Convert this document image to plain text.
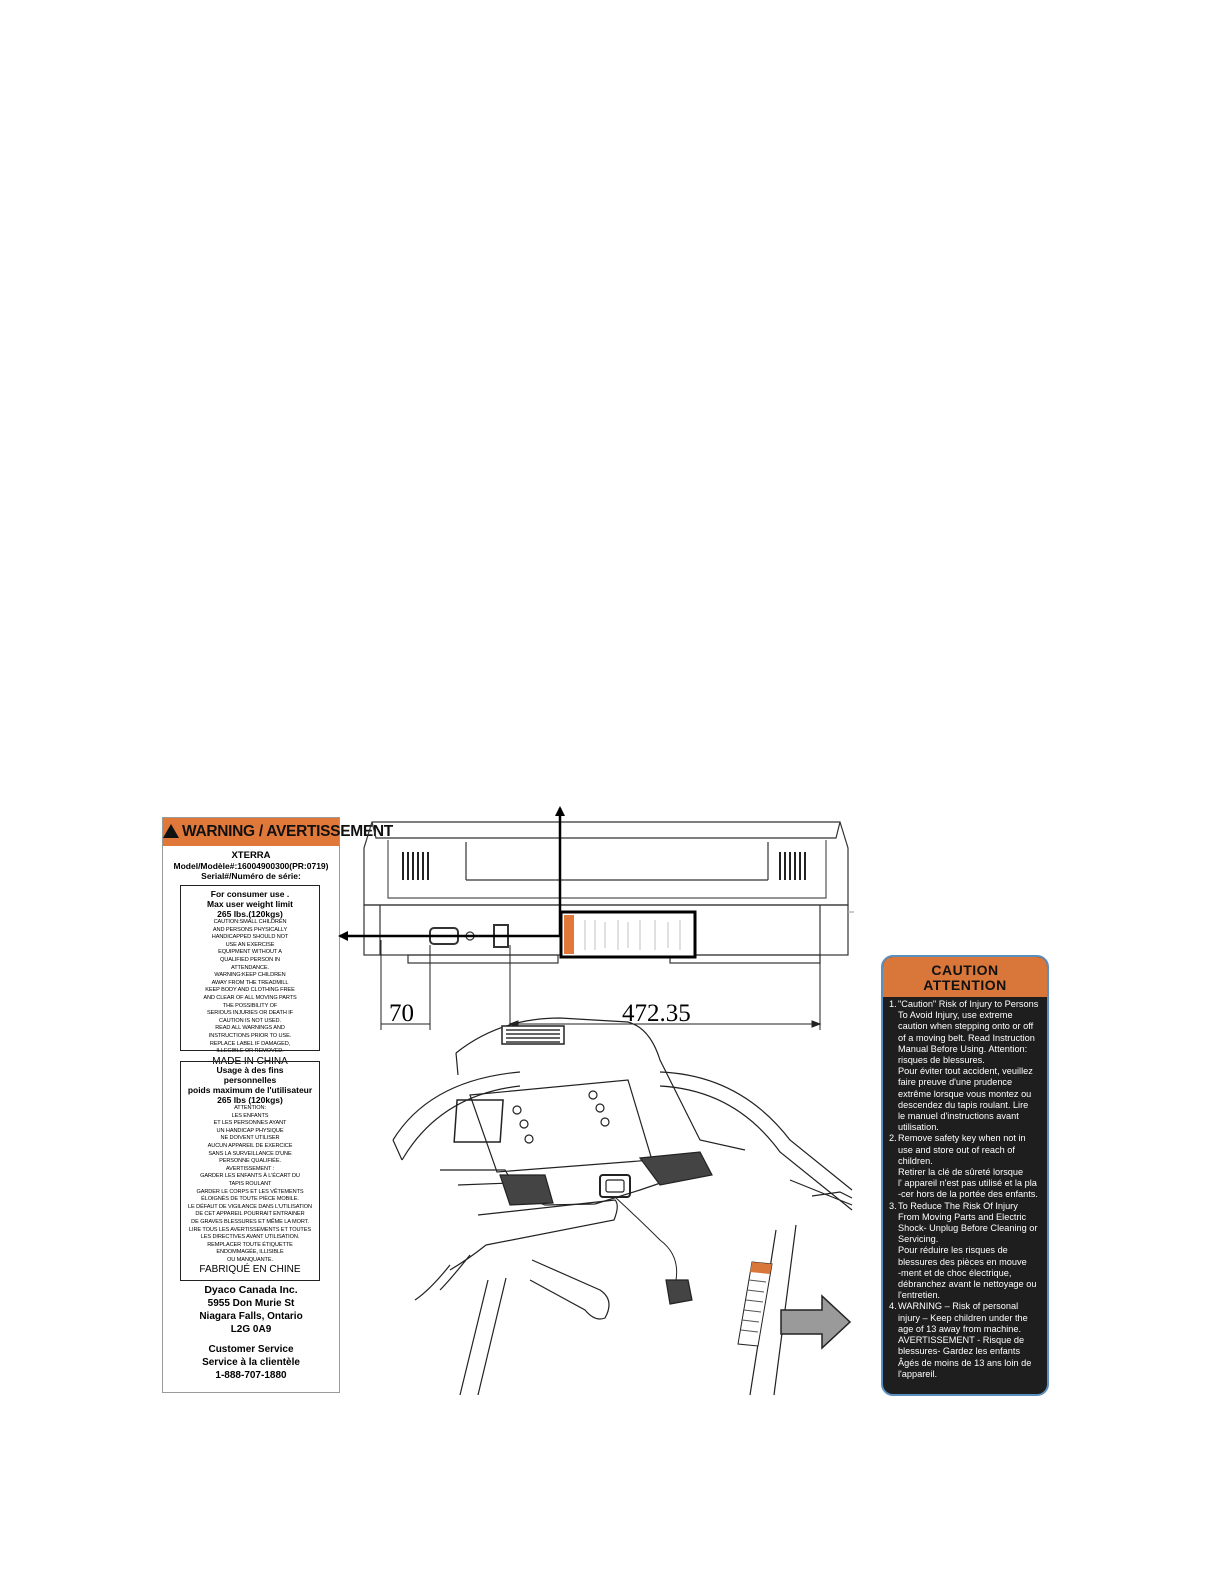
WARNING / AVERTISSEMENT
XTERRA
Model/Modèle#:16004900300(PR:0719)
Serial#/Numéro de série:
For consumer use .
Max user weight limit
265 lbs.(120kgs)
CAUTION:SMALL CHILDREN
AND PERSONS PHYSICALLY
HANDICAPPED SHOULD NOT
USE AN EXERCISE
EQUIPMENT WITHOUT A
QUALIFIED PERSON IN
ATTENDANCE.
WARNING:KEEP CHILDREN
AWAY FROM THE TREADMILL
KEEP BODY AND CLOTHING FREE
AND CLEAR OF ALL MOVING PARTS
THE POSSIBILITY OF
SERIOUS INJURIES OR DEATH IF
CAUTION IS NOT USED.
READ ALL WARNINGS AND
INSTRUCTIONS PRIOR TO USE.
REPLACE LABEL IF DAMAGED,
ILLEGIBLE OR REMOVED.
MADE IN CHINA
Usage à des fins
personnelles
poids maximum de l'utilisateur
265 lbs (120kgs)
ATTENTION:
LES ENFANTS
ET LES PERSONNES AYANT
UN HANDICAP PHYSIQUE
NE DOIVENT UTILISER
AUCUN APPAREIL DE EXERCICE
SANS LA SURVEILLANCE D'UNE
PERSONNE QUALIFIÉE.
AVERTISSEMENT :
GARDER LES ENFANTS À L'ÉCART DU
TAPIS ROULANT
GARDER LE CORPS ET LES VÊTEMENTS
ÉLOIGNÉS DE TOUTE PIÈCE MOBILE.
LE DÉFAUT DE VIGILANCE DANS L'UTILISATION
DE CET APPAREIL POURRAIT ENTRAINER
DE GRAVES BLESSURES ET MÊME LA MORT.
LIRE TOUS LES AVERTISSEMENTS ET TOUTES
LES DIRECTIVES AVANT UTILISATION.
REMPLACER TOUTE ÉTIQUETTE
ENDOMMAGÉE, ILLISIBLE
OU MANQUANTE.
FABRIQUÉ EN CHINE
Dyaco Canada Inc.
5955 Don Murie St
Niagara Falls, Ontario
L2G 0A9
Customer Service
Service à la clientèle
1-888-707-1880
70	472.35
CAUTION
ATTENTION
1. "Caution" Risk of Injury to Persons
To Avoid Injury, use extreme
caution when stepping onto or off
of a moving belt. Read Instruction
Manual Before Using. Attention:
risques de blessures.
Pour éviter tout accident, veuillez
faire preuve d'une prudence
extrême lorsque vous montez ou
descendez du tapis roulant. Lire
le manuel d'instructions avant
utilisation.
2. Remove safety key when not in
use and store out of reach of
children.
Retirer la clé de sûreté lorsque
l' appareil n'est pas utilisé et la pla
-cer hors de la portée des enfants.
3. To Reduce The Risk Of Injury
From Moving Parts and Electric
Shock- Unplug Before Cleaning or
Servicing.
Pour réduire les risques de
blessures des pièces en mouve
-ment et de choc électrique,
débranchez avant le nettoyage ou
l'entretien.
4. WARNING – Risk of personal
injury – Keep children under the
age of 13 away from machine.
AVERTISSEMENT - Risque de
blessures- Gardez les enfants
Âgés de moins de 13 ans loin de
l'appareil.
